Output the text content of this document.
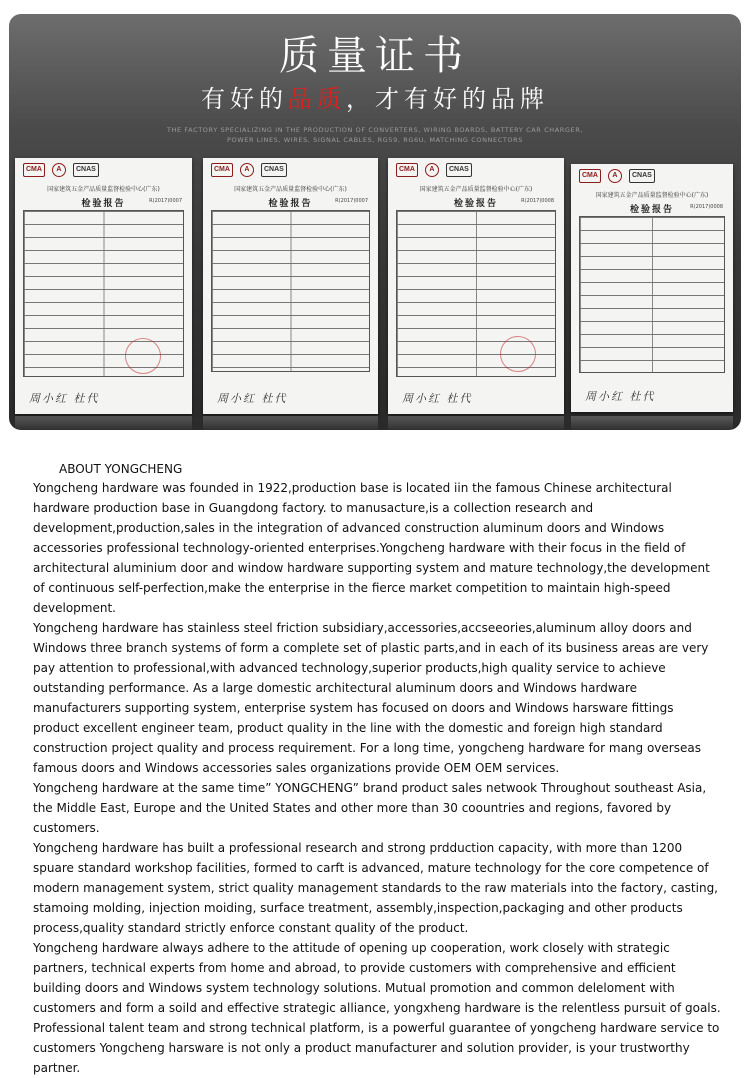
质量证书
有好的品质，才有好的品牌
THE FACTORY SPECIALIZING IN THE PRODUCTION OF CONVERTERS, WIRING BOARDS, BATTERY CAR CHARGER,
POWER LINES, WIRES, SIGNAL CABLES, RG59, RG6U, MATCHING CONNECTORS
CMA	A	CNAS
国家建筑五金产品质量监督检验中心(广东)
检验报告	R(2017)0007
周小红 杜代
CMA	A	CNAS
国家建筑五金产品质量监督检验中心(广东)
检验报告	R(2017)0007
周小红 杜代
CMA	A	CNAS
国家建筑五金产品质量监督检验中心(广东)
检验报告	R(2017)0008
周小红 杜代
CMA	A	CNAS
国家建筑五金产品质量监督检验中心(广东)
检验报告	R(2017)0008
周小红 杜代
ABOUT YONGCHENG

Yongcheng hardware was founded in 1922,production base is located iin the famous Chinese architectural hardware production base in Guangdong factory. to manusacture,is a collection research and development,production,sales in the integration of advanced construction aluminum doors and Windows accessories professional technology-oriented enterprises.Yongcheng hardware with their focus in the field of architectural aluminium door and window hardware supporting system and mature technology,the development of continuous self-perfection,make the enterprise in the fierce market competition to maintain high-speed development.

Yongcheng hardware has stainless steel friction subsidiary,accessories,accseeories,aluminum alloy doors and Windows three branch systems of form a complete set of plastic parts,and in each of its business areas are very pay attention to professional,with advanced technology,superior products,high quality service to achieve outstanding performance. As a large domestic architectural aluminum doors and Windows hardware manufacturers supporting system, enterprise system has focused on doors and Windows harsware fittings product excellent engineer team, product quality in the line with the domestic and foreign high standard construction project quality and process requirement. For a long time, yongcheng hardware for mang overseas famous doors and Windows accessories sales organizations provide OEM OEM services.

Yongcheng hardware at the same time” YONGCHENG” brand product sales netwook Throughout southeast Asia, the Middle East, Europe and the United States and other more than 30 coountries and regions, favored by customers.

Yongcheng hardware has built a professional research and strong prdduction capacity, with more than 1200 spuare standard workshop facilities, formed to carft is advanced, mature technology for the core competence of modern management system, strict quality management standards to the raw materials into the factory, casting, stamoing molding, injection moiding, surface treatment, assembly,inspection,packaging and other products process,quality standard strictly enforce constant quality of the product.

Yongcheng hardware always adhere to the attitude of opening up cooperation, work closely with strategic partners, technical experts from home and abroad, to provide customers with comprehensive and efficient building doors and Windows system technology solutions. Mutual promotion and common deleloment with customers and form a soild and effective strategic alliance, yongxheng hardware is the relentless pursuit of goals.

Professional talent team and strong technical platform, is a powerful guarantee of yongcheng hardware service to customers Yongcheng harsware is not only a product manufacturer and solution provider, is your trustworthy partner.
